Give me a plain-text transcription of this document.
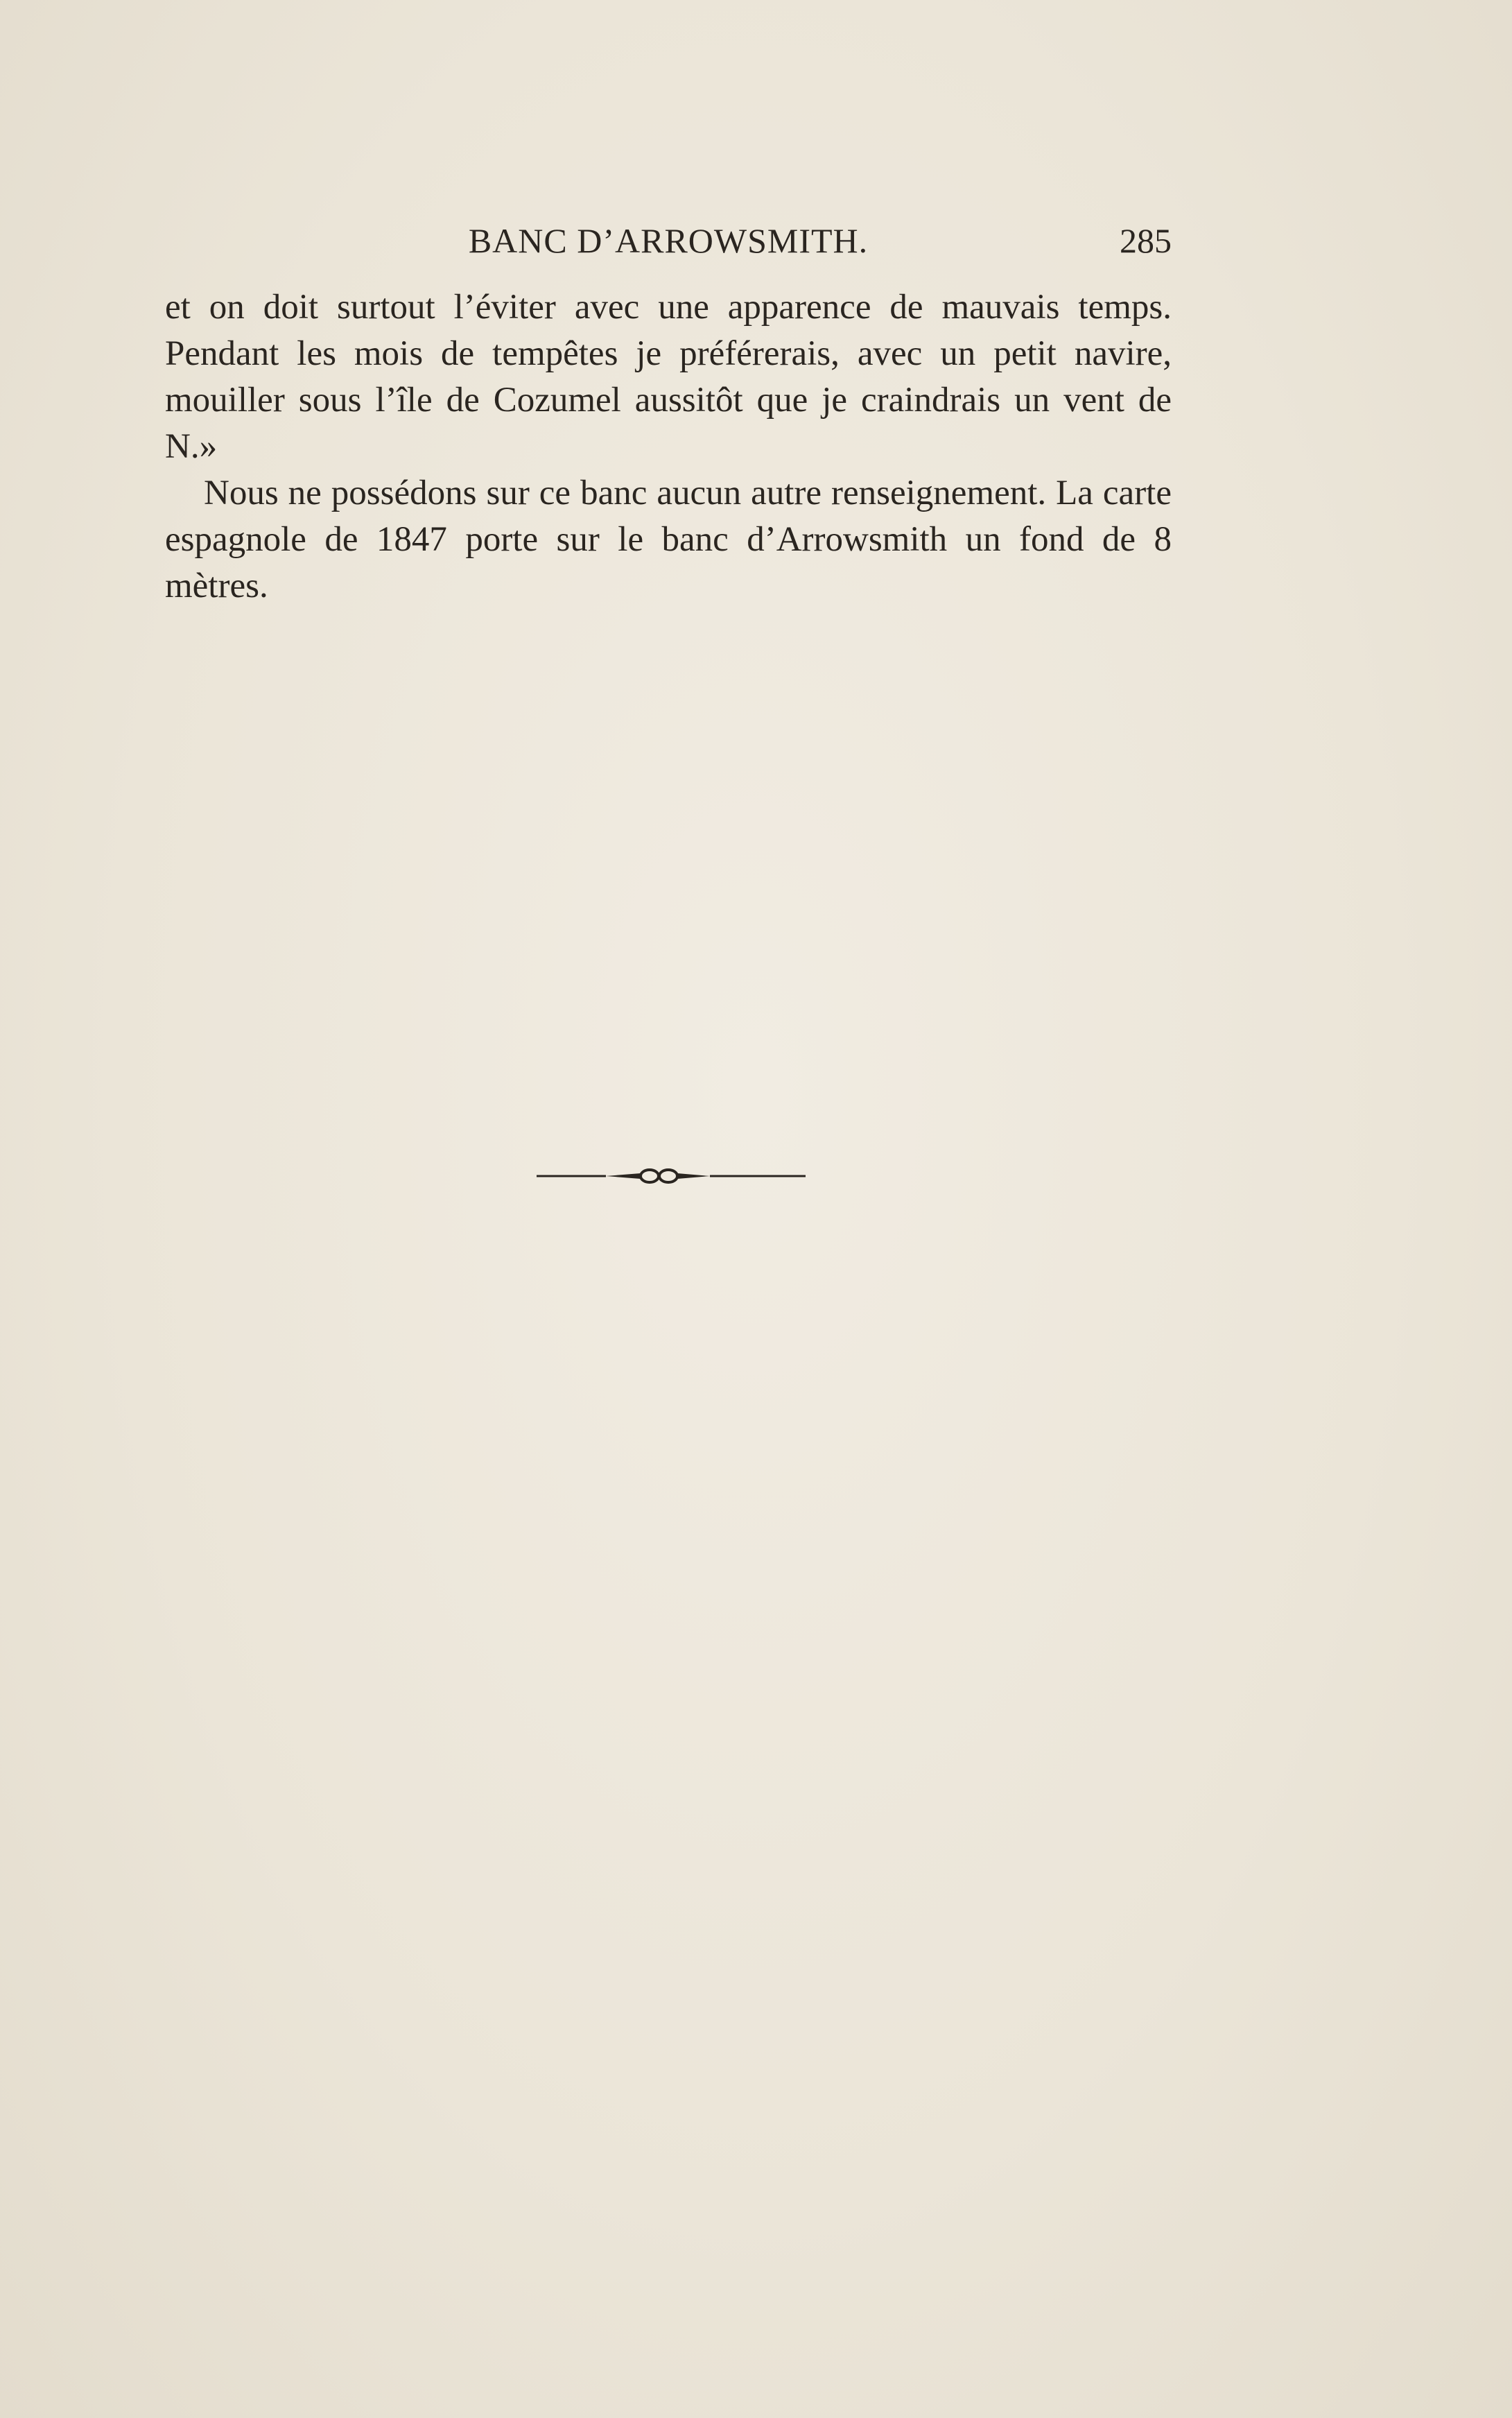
BANC D’ARROWSMITH.	285

et on doit surtout l’éviter avec une apparence de mauvais temps. Pendant les mois de tempêtes je préférerais, avec un petit navire, mouiller sous l’île de Cozumel aussitôt que je craindrais un vent de N.»

Nous ne possédons sur ce banc aucun autre renseignement. La carte espagnole de 1847 porte sur le banc d’Arrowsmith un fond de 8 mètres.
